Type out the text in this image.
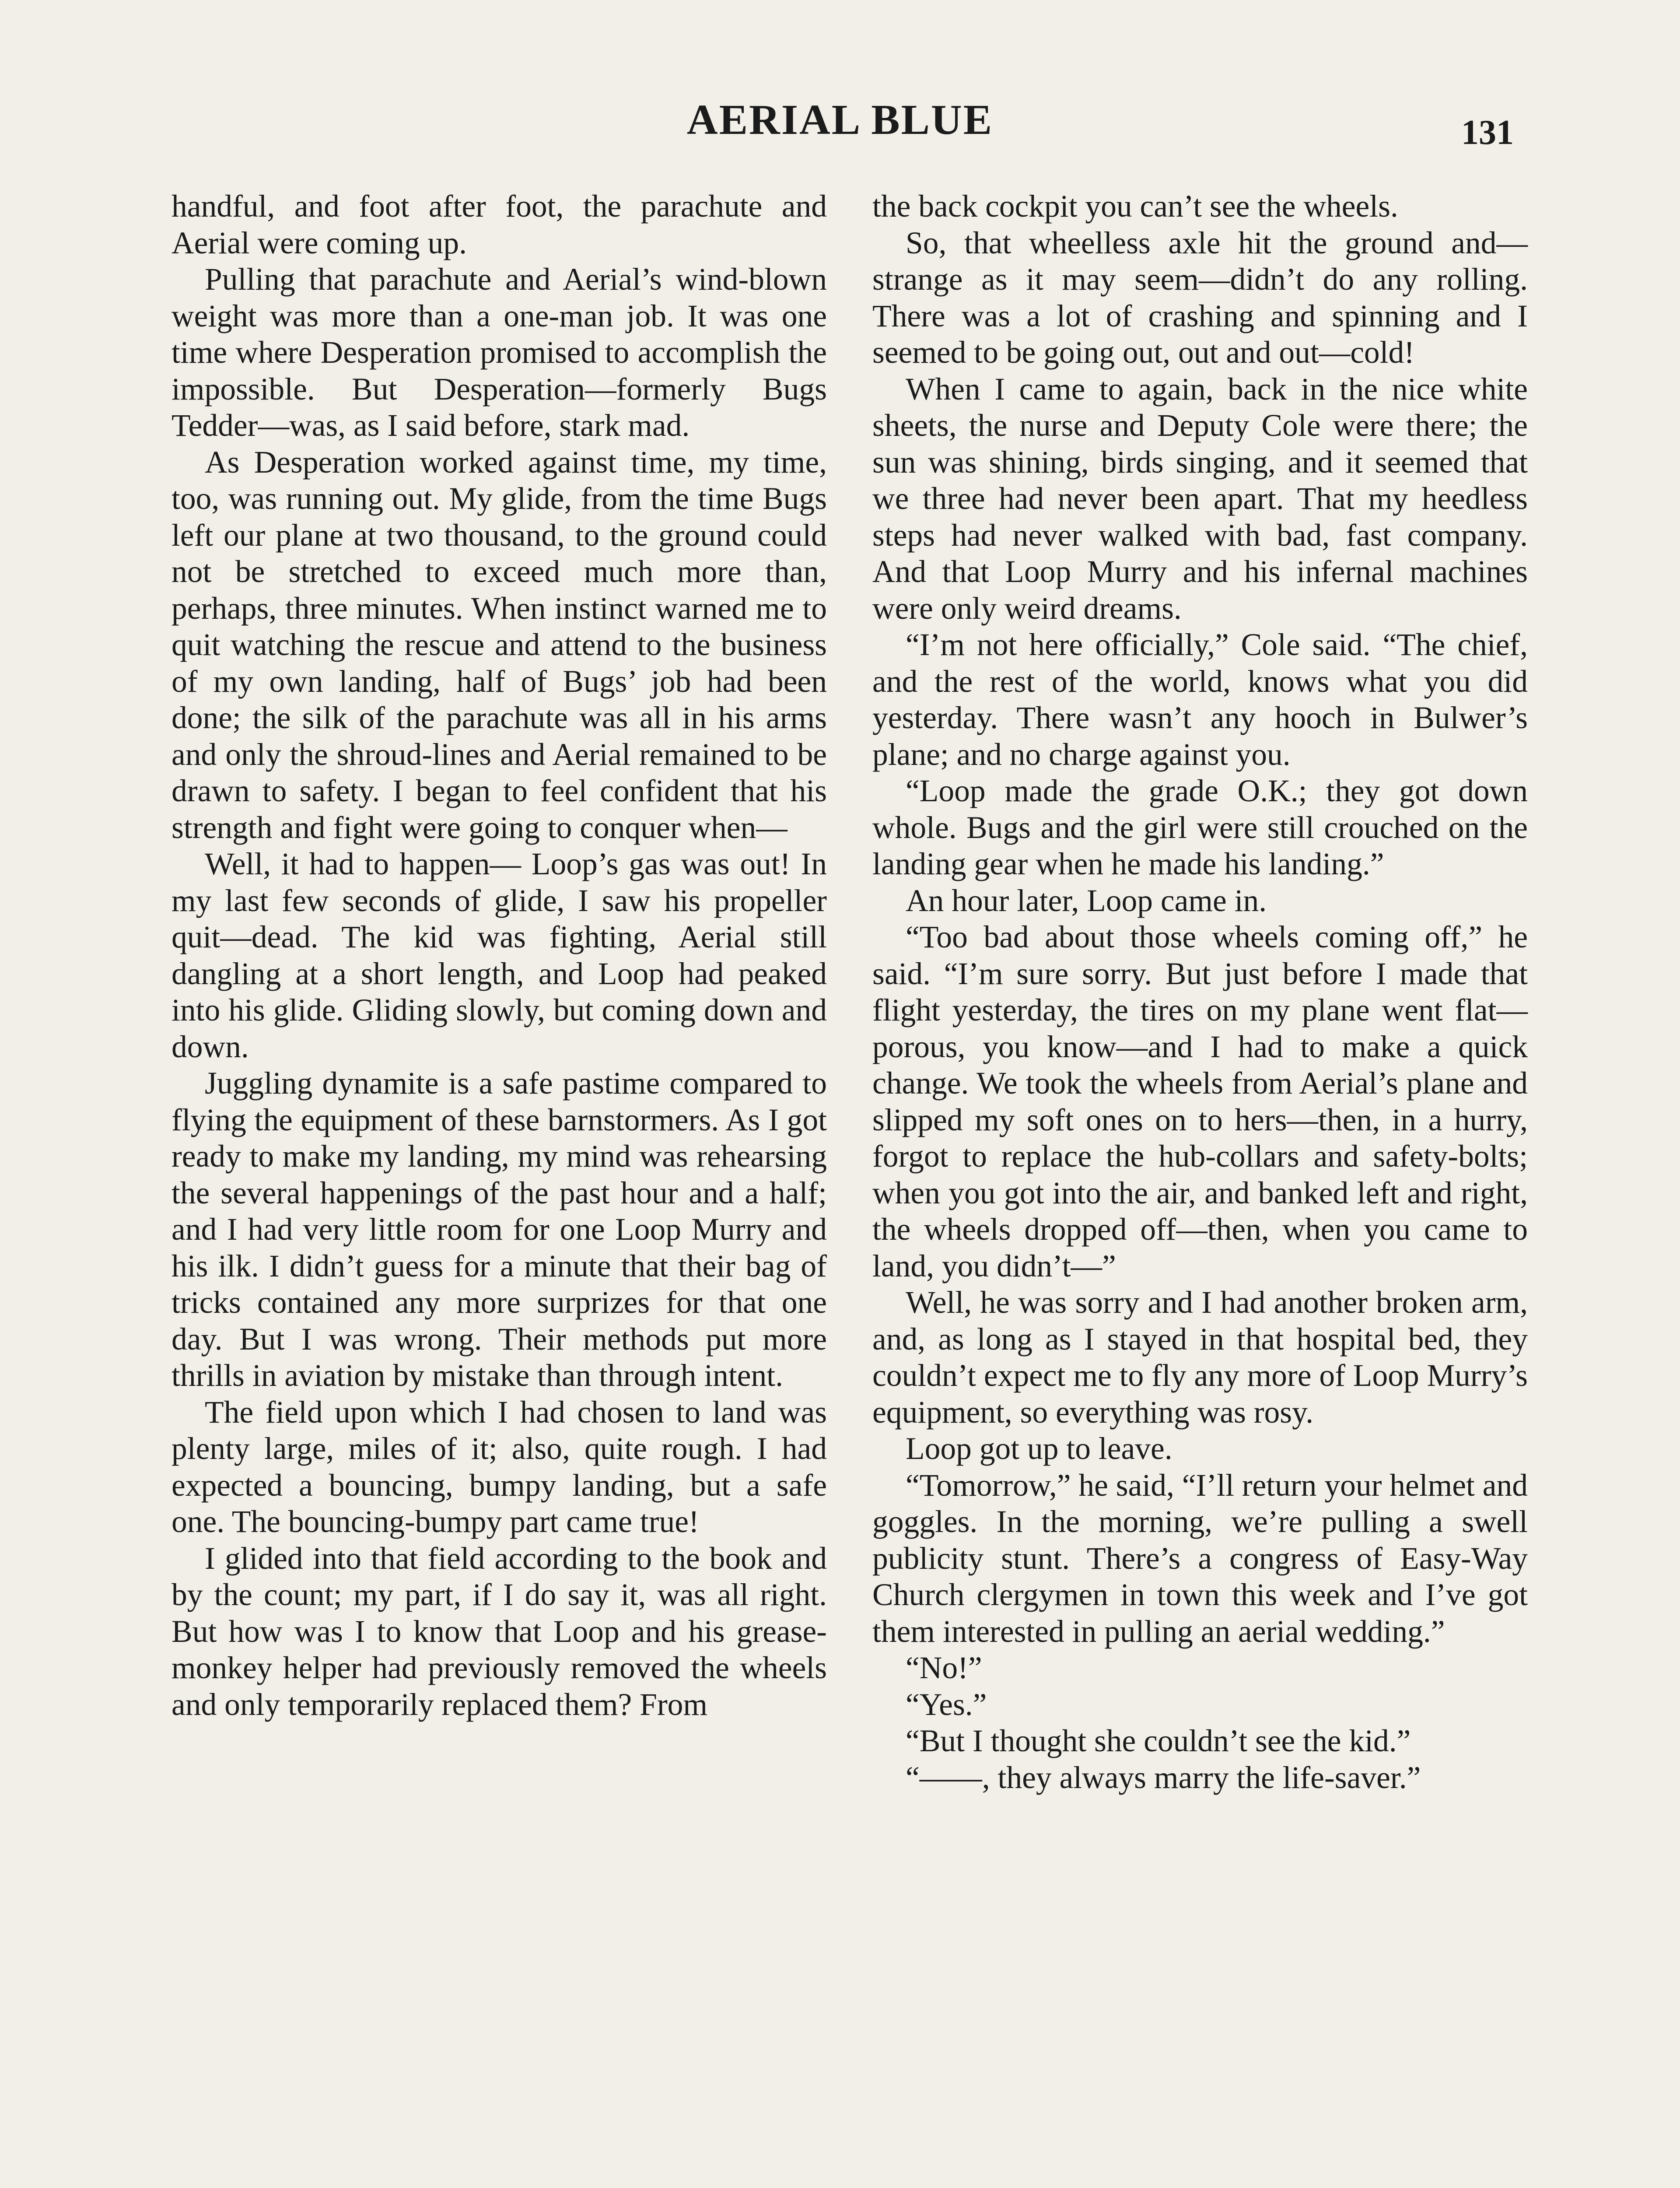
AERIAL BLUE	131

handful, and foot after foot, the parachute and Aerial were coming up.

Pulling that parachute and Aerial’s wind-blown weight was more than a one-man job. It was one time where Desperation promised to accomplish the impossible. But Desperation—formerly Bugs Tedder—was, as I said before, stark mad.

As Desperation worked against time, my time, too, was running out. My glide, from the time Bugs left our plane at two thousand, to the ground could not be stretched to exceed much more than, perhaps, three minutes. When instinct warned me to quit watching the rescue and attend to the business of my own landing, half of Bugs’ job had been done; the silk of the parachute was all in his arms and only the shroud-lines and Aerial remained to be drawn to safety. I began to feel confident that his strength and fight were going to conquer when—

Well, it had to happen— Loop’s gas was out! In my last few seconds of glide, I saw his propeller quit—dead. The kid was fighting, Aerial still dangling at a short length, and Loop had peaked into his glide. Gliding slowly, but coming down and down.

Juggling dynamite is a safe pastime compared to flying the equipment of these barnstormers. As I got ready to make my landing, my mind was rehearsing the several happenings of the past hour and a half; and I had very little room for one Loop Murry and his ilk. I didn’t guess for a minute that their bag of tricks contained any more surprizes for that one day. But I was wrong. Their methods put more thrills in aviation by mistake than through intent.

The field upon which I had chosen to land was plenty large, miles of it; also, quite rough. I had expected a bouncing, bumpy landing, but a safe one. The bouncing-bumpy part came true!

I glided into that field according to the book and by the count; my part, if I do say it, was all right. But how was I to know that Loop and his grease-monkey helper had previously removed the wheels and only temporarily replaced them? From

the back cockpit you can’t see the wheels.

So, that wheelless axle hit the ground and—strange as it may seem—didn’t do any rolling. There was a lot of crashing and spinning and I seemed to be going out, out and out—cold!

When I came to again, back in the nice white sheets, the nurse and Deputy Cole were there; the sun was shining, birds singing, and it seemed that we three had never been apart. That my heedless steps had never walked with bad, fast company. And that Loop Murry and his infernal machines were only weird dreams.

“I’m not here officially,” Cole said. “The chief, and the rest of the world, knows what you did yesterday. There wasn’t any hooch in Bulwer’s plane; and no charge against you.

“Loop made the grade O.K.; they got down whole. Bugs and the girl were still crouched on the landing gear when he made his landing.”

An hour later, Loop came in.

“Too bad about those wheels coming off,” he said. “I’m sure sorry. But just before I made that flight yesterday, the tires on my plane went flat—porous, you know—and I had to make a quick change. We took the wheels from Aerial’s plane and slipped my soft ones on to hers—then, in a hurry, forgot to replace the hub-collars and safety-bolts; when you got into the air, and banked left and right, the wheels dropped off—then, when you came to land, you didn’t—”

Well, he was sorry and I had another broken arm, and, as long as I stayed in that hospital bed, they couldn’t expect me to fly any more of Loop Murry’s equipment, so everything was rosy.

Loop got up to leave.

“Tomorrow,” he said, “I’ll return your helmet and goggles. In the morning, we’re pulling a swell publicity stunt. There’s a congress of Easy-Way Church clergymen in town this week and I’ve got them interested in pulling an aerial wedding.”

“No!”

“Yes.”

“But I thought she couldn’t see the kid.”

“——, they always marry the life-saver.”
